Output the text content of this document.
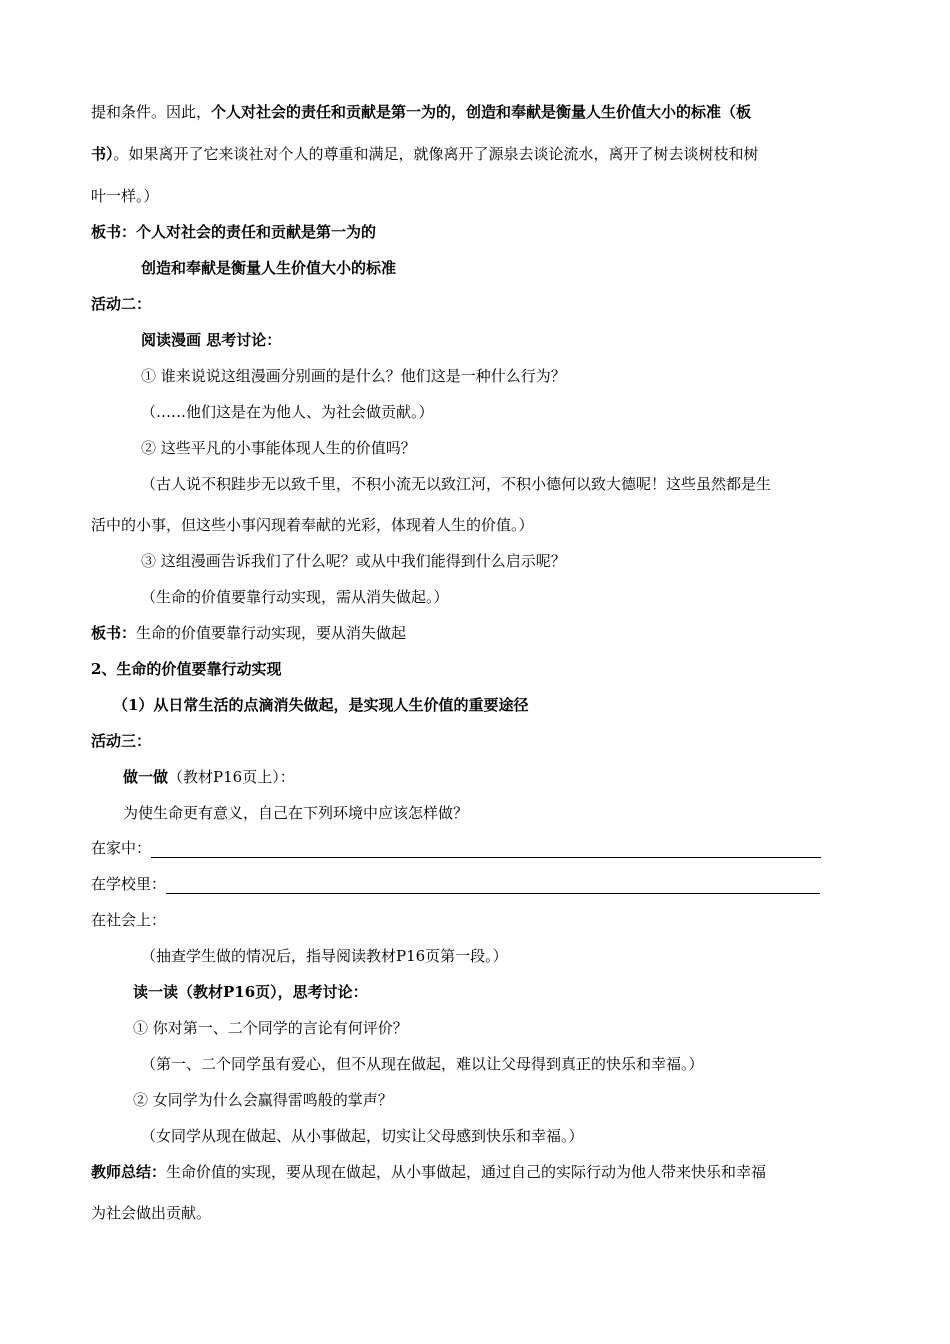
提和条件。因此，个人对社会的责任和贡献是第一为的，创造和奉献是衡量人生价值大小的标准（板
书）。如果离开了它来谈社对个人的尊重和满足，就像离开了源泉去谈论流水，离开了树去谈树枝和树
叶一样。）
板书：个人对社会的责任和贡献是第一为的
创造和奉献是衡量人生价值大小的标准
活动二：
阅读漫画 思考讨论：
① 谁来说说这组漫画分别画的是什么？他们这是一种什么行为？
（……他们这是在为他人、为社会做贡献。）
② 这些平凡的小事能体现人生的价值吗？
（古人说不积跬步无以致千里，不积小流无以致江河，不积小德何以致大德呢！这些虽然都是生
活中的小事，但这些小事闪现着奉献的光彩，体现着人生的价值。）
③ 这组漫画告诉我们了什么呢？或从中我们能得到什么启示呢？
（生命的价值要靠行动实现，需从消失做起。）
板书：生命的价值要靠行动实现，要从消失做起
2、生命的价值要靠行动实现
（1）从日常生活的点滴消失做起，是实现人生价值的重要途径
活动三：
做一做（教材P16页上）：
为使生命更有意义，自己在下列环境中应该怎样做？
在家中：
在学校里：
在社会上：
（抽查学生做的情况后，指导阅读教材P16页第一段。）
读一读（教材P16页），思考讨论：
① 你对第一、二个同学的言论有何评价？
（第一、二个同学虽有爱心，但不从现在做起，难以让父母得到真正的快乐和幸福。）
② 女同学为什么会赢得雷鸣般的掌声？
（女同学从现在做起、从小事做起，切实让父母感到快乐和幸福。）
教师总结：生命价值的实现，要从现在做起，从小事做起，通过自己的实际行动为他人带来快乐和幸福
为社会做出贡献。
